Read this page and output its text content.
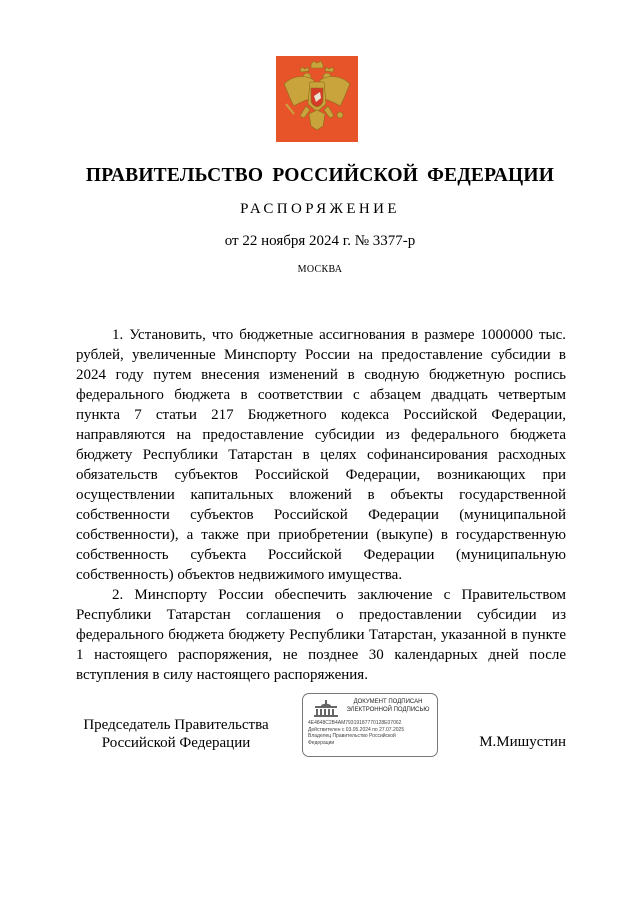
ПРАВИТЕЛЬСТВО РОССИЙСКОЙ ФЕДЕРАЦИИ
РАСПОРЯЖЕНИЕ
от 22 ноября 2024 г. № 3377-р
МОСКВА

1. Установить, что бюджетные ассигнования в размере 1000000 тыс. рублей, увеличенные Минспорту России на предоставление субсидии в 2024 году путем внесения изменений в сводную бюджетную роспись федерального бюджета в соответствии с абзацем двадцать четвертым пункта 7 статьи 217 Бюджетного кодекса Российской Федерации, направляются на предоставление субсидии из федерального бюджета бюджету Республики Татарстан в целях софинансирования расходных обязательств субъектов Российской Федерации, возникающих при осуществлении капитальных вложений в объекты государственной собственности субъектов Российской Федерации (муниципальной собственности), а также при приобретении (выкупе) в государственную собственность субъекта Российской Федерации (муниципальную собственность) объектов недвижимого имущества.

2. Минспорту России обеспечить заключение с Правительством Республики Татарстан соглашения о предоставлении субсидии из федерального бюджета бюджету Республики Татарстан, указанной в пункте 1 настоящего распоряжения, не позднее 30 календарных дней после вступления в силу настоящего распоряжения.

Председатель Правительства
Российской Федерации
ДОКУМЕНТ ПОДПИСАН
ЭЛЕКТРОННОЙ ПОДПИСЬЮ
4E4848C2B4AM79319187770128E07062
Действителен с 03.05.2024 по 27.07.2025
Владелец Правительство Российской
Федерации	М.Мишустин
